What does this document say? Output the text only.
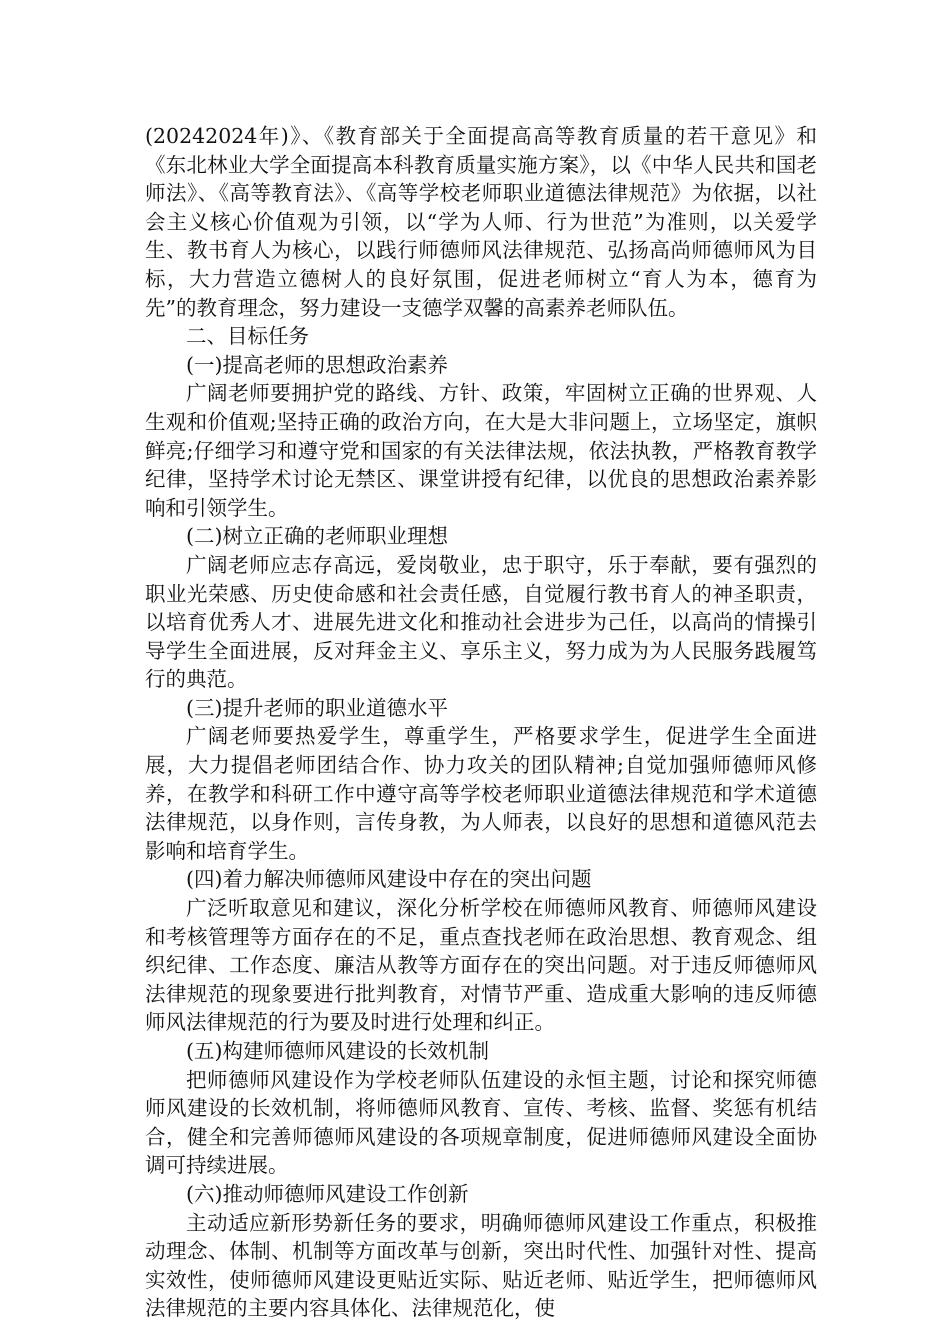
(20242024年)》、《教育部关于全面提高高等教育质量的若干意见》和《东北林业大学全面提高本科教育质量实施方案》，以《中华人民共和国老师法》、《高等教育法》、《高等学校老师职业道德法律规范》为依据，以社会主义核心价值观为引领，以“学为人师、行为世范”为准则，以关爱学生、教书育人为核心，以践行师德师风法律规范、弘扬高尚师德师风为目标，大力营造立德树人的良好氛围，促进老师树立“育人为本，德育为先”的教育理念，努力建设一支德学双馨的高素养老师队伍。

二、目标任务

(一)提高老师的思想政治素养

广阔老师要拥护党的路线、方针、政策，牢固树立正确的世界观、人生观和价值观;坚持正确的政治方向，在大是大非问题上，立场坚定，旗帜鲜亮;仔细学习和遵守党和国家的有关法律法规，依法执教，严格教育教学纪律，坚持学术讨论无禁区、课堂讲授有纪律，以优良的思想政治素养影响和引领学生。

(二)树立正确的老师职业理想

广阔老师应志存高远，爱岗敬业，忠于职守，乐于奉献，要有强烈的职业光荣感、历史使命感和社会责任感，自觉履行教书育人的神圣职责，以培育优秀人才、进展先进文化和推动社会进步为己任，以高尚的情操引导学生全面进展，反对拜金主义、享乐主义，努力成为为人民服务践履笃行的典范。

(三)提升老师的职业道德水平

广阔老师要热爱学生，尊重学生，严格要求学生，促进学生全面进展，大力提倡老师团结合作、协力攻关的团队精神;自觉加强师德师风修养，在教学和科研工作中遵守高等学校老师职业道德法律规范和学术道德法律规范，以身作则，言传身教，为人师表，以良好的思想和道德风范去影响和培育学生。

(四)着力解决师德师风建设中存在的突出问题

广泛听取意见和建议，深化分析学校在师德师风教育、师德师风建设和考核管理等方面存在的不足，重点查找老师在政治思想、教育观念、组织纪律、工作态度、廉洁从教等方面存在的突出问题。对于违反师德师风法律规范的现象要进行批判教育，对情节严重、造成重大影响的违反师德师风法律规范的行为要及时进行处理和纠正。

(五)构建师德师风建设的长效机制

把师德师风建设作为学校老师队伍建设的永恒主题，讨论和探究师德师风建设的长效机制，将师德师风教育、宣传、考核、监督、奖惩有机结合，健全和完善师德师风建设的各项规章制度，促进师德师风建设全面协调可持续进展。

(六)推动师德师风建设工作创新

主动适应新形势新任务的要求，明确师德师风建设工作重点，积极推动理念、体制、机制等方面改革与创新，突出时代性、加强针对性、提高实效性，使师德师风建设更贴近实际、贴近老师、贴近学生，把师德师风法律规范的主要内容具体化、法律规范化，使
